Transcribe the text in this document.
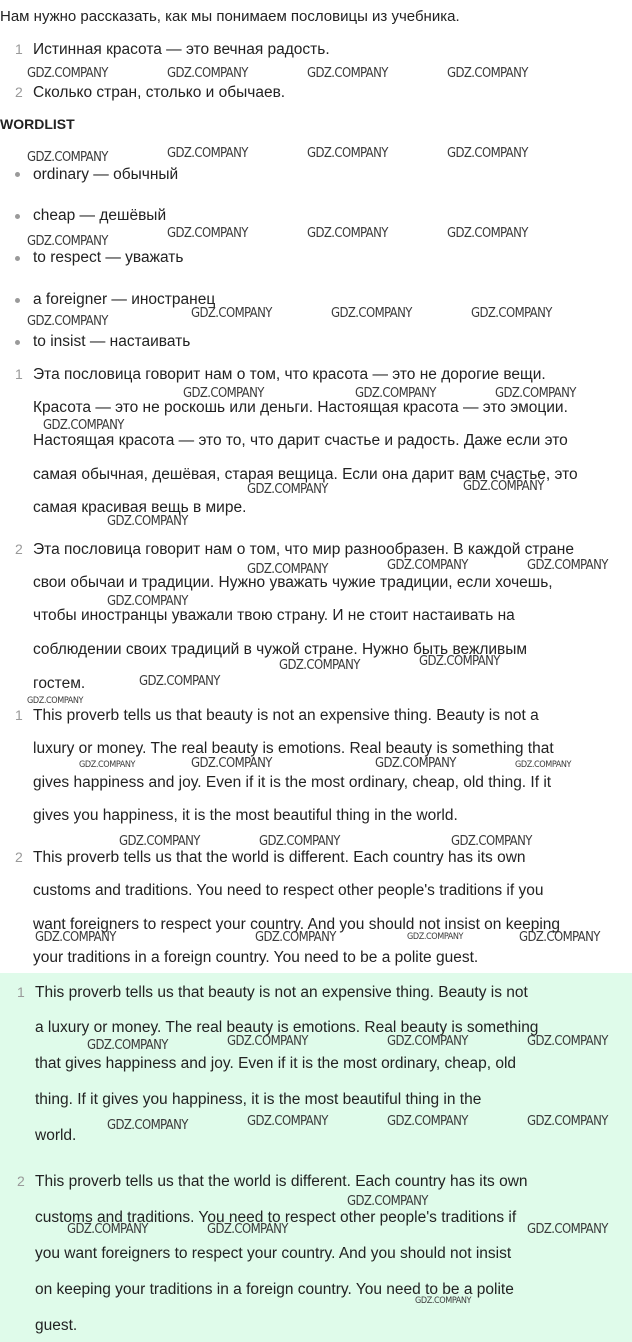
Нам нужно рассказать, как мы понимаем пословицы из учебника.
1 Истинная красота — это вечная радость.
2 Сколько стран, столько и обычаев.
WORDLIST
ordinary — обычный
cheap — дешёвый
to respect — уважать
a foreigner — иностранец
to insist — настаивать
1 Эта пословица говорит нам о том, что красота — это не дорогие вещи.
Красота — это не роскошь или деньги. Настоящая красота — это эмоции.
Настоящая красота — это то, что дарит счастье и радость. Даже если это
самая обычная, дешёвая, старая вещица. Если она дарит вам счастье, это
самая красивая вещь в мире.
2 Эта пословица говорит нам о том, что мир разнообразен. В каждой стране
свои обычаи и традиции. Нужно уважать чужие традиции, если хочешь,
чтобы иностранцы уважали твою страну. И не стоит настаивать на
соблюдении своих традиций в чужой стране. Нужно быть вежливым
гостем.
1 This proverb tells us that beauty is not an expensive thing. Beauty is not a
luxury or money. The real beauty is emotions. Real beauty is something that
gives happiness and joy. Even if it is the most ordinary, cheap, old thing. If it
gives you happiness, it is the most beautiful thing in the world.
2 This proverb tells us that the world is different. Each country has its own
customs and traditions. You need to respect other people's traditions if you
want foreigners to respect your country. And you should not insist on keeping
your traditions in a foreign country. You need to be a polite guest.
1 This proverb tells us that beauty is not an expensive thing. Beauty is not
a luxury or money. The real beauty is emotions. Real beauty is something
that gives happiness and joy. Even if it is the most ordinary, cheap, old
thing. If it gives you happiness, it is the most beautiful thing in the
world.
2 This proverb tells us that the world is different. Each country has its own
customs and traditions. You need to respect other people's traditions if
you want foreigners to respect your country. And you should not insist
on keeping your traditions in a foreign country. You need to be a polite
guest.
GDZ.COMPANY	GDZ.COMPANY	GDZ.COMPANY	GDZ.COMPANY
GDZ.COMPANY	GDZ.COMPANY	GDZ.COMPANY	GDZ.COMPANY
GDZ.COMPANY
GDZ.COMPANY	GDZ.COMPANY	GDZ.COMPANY
GDZ.COMPANY
GDZ.COMPANY	GDZ.COMPANY	GDZ.COMPANY
GDZ.COMPANY	GDZ.COMPANY	GDZ.COMPANY
GDZ.COMPANY
GDZ.COMPANY	GDZ.COMPANY
GDZ.COMPANY
GDZ.COMPANY	GDZ.COMPANY	GDZ.COMPANY
GDZ.COMPANY
GDZ.COMPANY	GDZ.COMPANY
GDZ.COMPANY
GDZ.COMPANY
GDZ.COMPANY	GDZ.COMPANY	GDZ.COMPANY	GDZ.COMPANY
GDZ.COMPANY	GDZ.COMPANY	GDZ.COMPANY
GDZ.COMPANY	GDZ.COMPANY	GDZ.COMPANY	GDZ.COMPANY
GDZ.COMPANY
GDZ.COMPANY	GDZ.COMPANY	GDZ.COMPANY
GDZ.COMPANY	GDZ.COMPANY	GDZ.COMPANY	GDZ.COMPANY
GDZ.COMPANY
GDZ.COMPANY	GDZ.COMPANY	GDZ.COMPANY
GDZ.COMPANY
